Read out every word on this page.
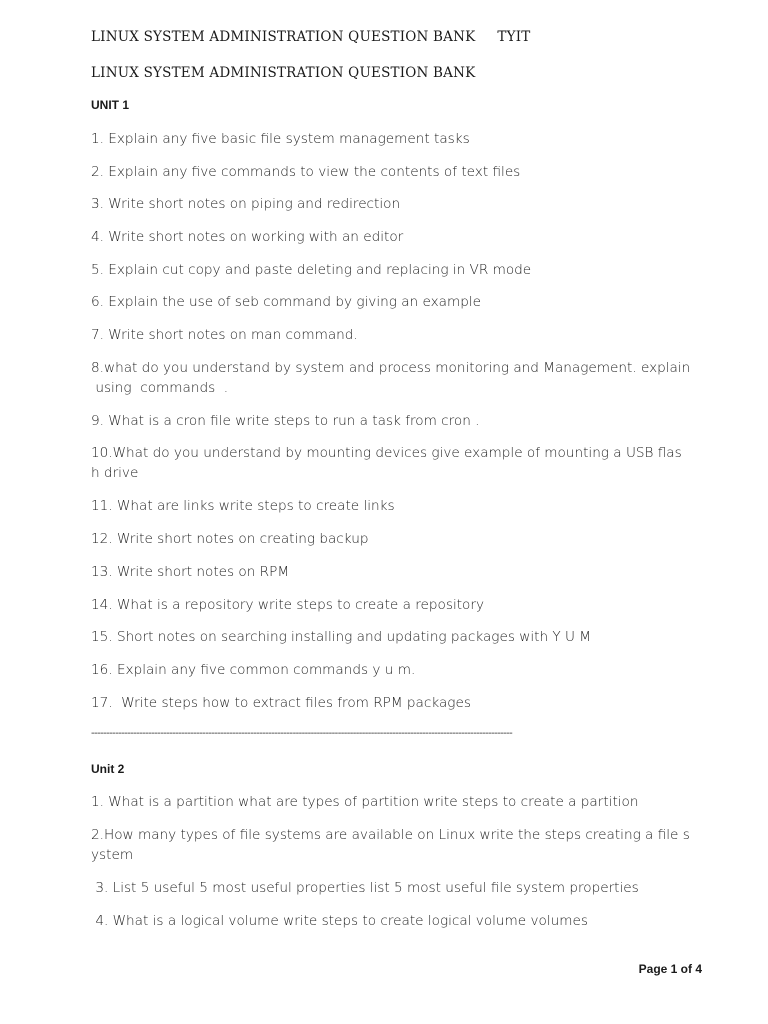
LINUX SYSTEM ADMINISTRATION QUESTION BANK TYIT
LINUX SYSTEM ADMINISTRATION QUESTION BANK
UNIT 1
1. Explain any five basic file system management tasks
2. Explain any five commands to view the contents of text files
3. Write short notes on piping and redirection
4. Write short notes on working with an editor
5. Explain cut copy and paste deleting and replacing in VR mode
6. Explain the use of seb command by giving an example
7. Write short notes on man command.
8.what do you understand by system and process monitoring and Management. explain
using  commands  .
9. What is a cron file write steps to run a task from cron .
10.What do you understand by mounting devices give example of mounting a USB flas
h drive
11. What are links write steps to create links
12. Write short notes on creating backup
13. Write short notes on RPM
14. What is a repository write steps to create a repository
15. Short notes on searching installing and updating packages with Y U M
16. Explain any five common commands y u m.
17.  Write steps how to extract files from RPM packages
--------------------------------------------------------------------------------------------------------------------------------------------
Unit 2
1. What is a partition what are types of partition write steps to create a partition
2.How many types of file systems are available on Linux write the steps creating a file s
ystem
3. List 5 useful 5 most useful properties list 5 most useful file system properties
4. What is a logical volume write steps to create logical volume volumes
Page 1 of 4
